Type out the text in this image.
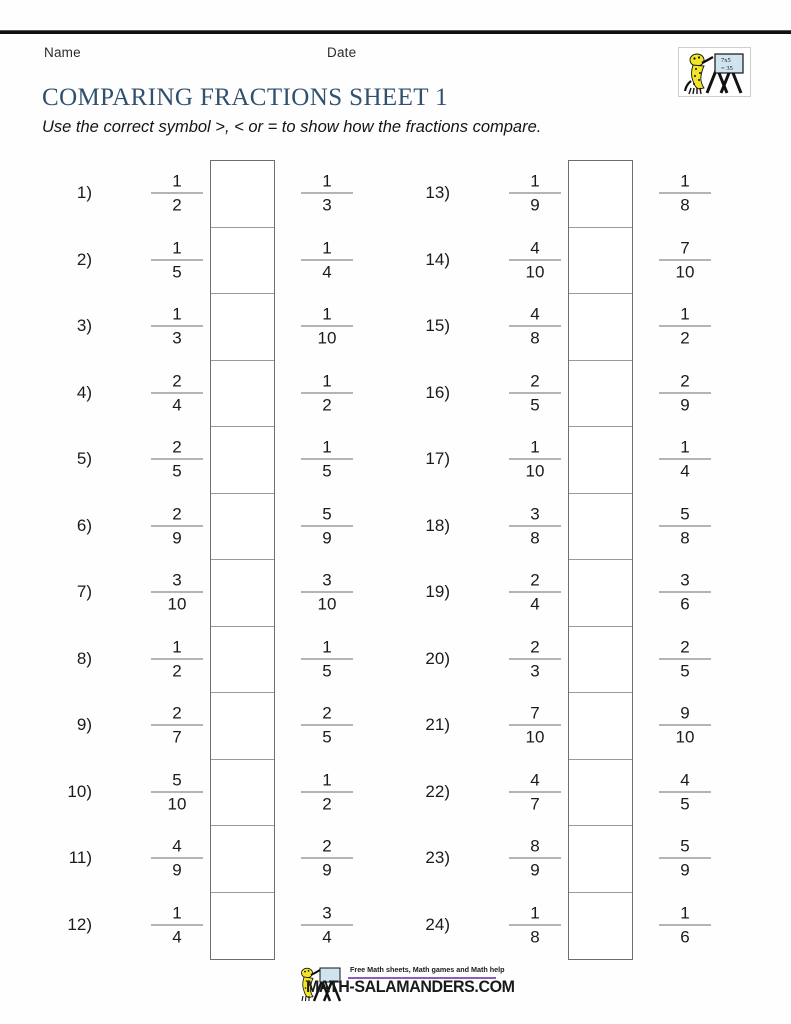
Name	Date
7x5
= 35
COMPARING FRACTIONS SHEET 1
Use the correct symbol >, < or = to show how the fractions compare.
1)
1
2
1
3
2)
1
5
1
4
3)
1
3
1
10
4)
2
4
1
2
5)
2
5
1
5
6)
2
9
5
9
7)
3
10
3
10
8)
1
2
1
5
9)
2
7
2
5
10)
5
10
1
2
11)
4
9
2
9
12)
1
4
3
4
13)
1
9
1
8
14)
4
10
7
10
15)
4
8
1
2
16)
2
5
2
9
17)
1
10
1
4
18)
3
8
5
8
19)
2
4
3
6
20)
2
3
2
5
21)
7
10
9
10
22)
4
7
4
5
23)
8
9
5
9
24)
1
8
1
6
Free Math sheets, Math games and Math help
MATH-SALAMANDERS.COM
